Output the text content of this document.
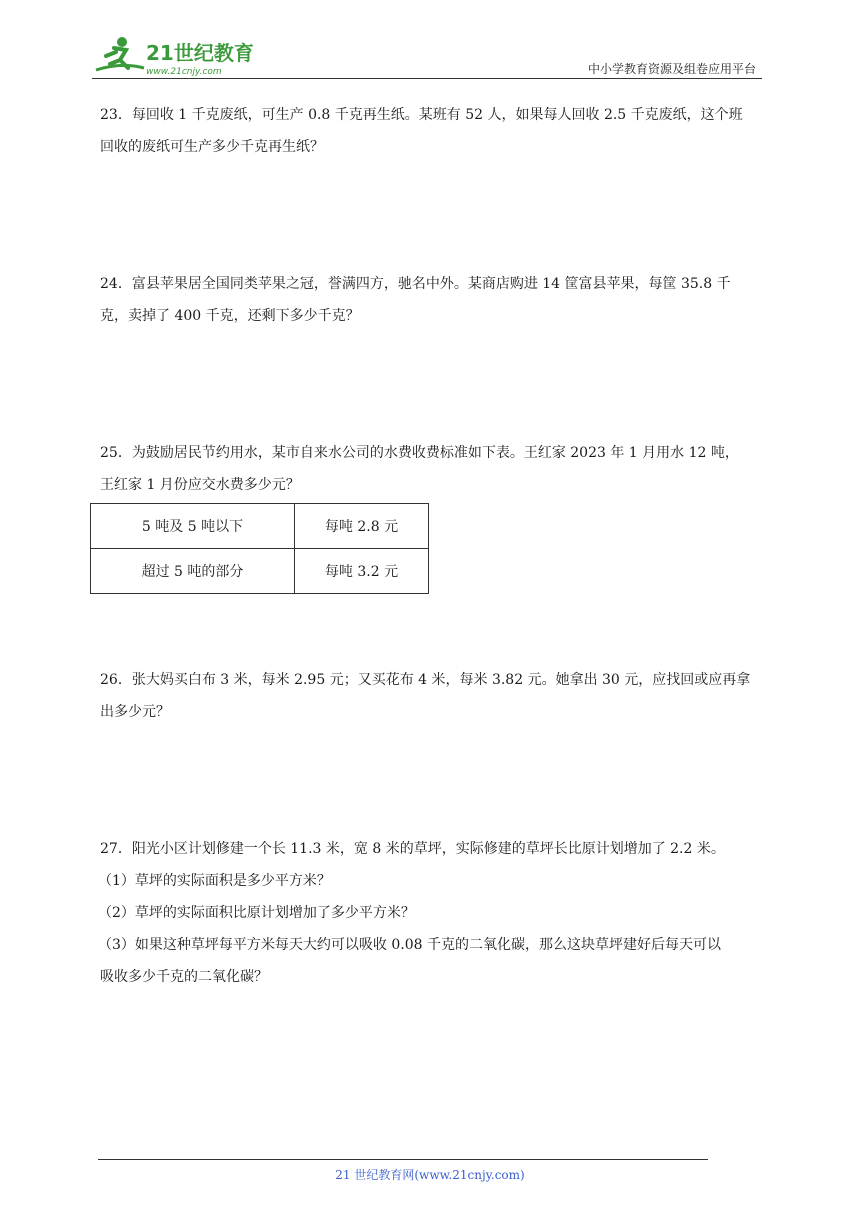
21世纪教育
www.21cnjy.com	中小学教育资源及组卷应用平台

23．每回收 1 千克废纸，可生产 0.8 千克再生纸。某班有 52 人，如果每人回收 2.5 千克废纸，这个班

回收的废纸可生产多少千克再生纸？

24．富县苹果居全国同类苹果之冠，誉满四方，驰名中外。某商店购进 14 筐富县苹果，每筐 35.8 千

克，卖掉了 400 千克，还剩下多少千克？

25．为鼓励居民节约用水，某市自来水公司的水费收费标准如下表。王红家 2023 年 1 月用水 12 吨，

王红家 1 月份应交水费多少元？

5 吨及 5 吨以下	每吨 2.8 元
超过 5 吨的部分	每吨 3.2 元

26．张大妈买白布 3 米，每米 2.95 元；又买花布 4 米，每米 3.82 元。她拿出 30 元，应找回或应再拿

出多少元？

27．阳光小区计划修建一个长 11.3 米，宽 8 米的草坪，实际修建的草坪长比原计划增加了 2.2 米。

（1）草坪的实际面积是多少平方米？

（2）草坪的实际面积比原计划增加了多少平方米？

（3）如果这种草坪每平方米每天大约可以吸收 0.08 千克的二氧化碳，那么这块草坪建好后每天可以

吸收多少千克的二氧化碳？

21 世纪教育网(www.21cnjy.com)
